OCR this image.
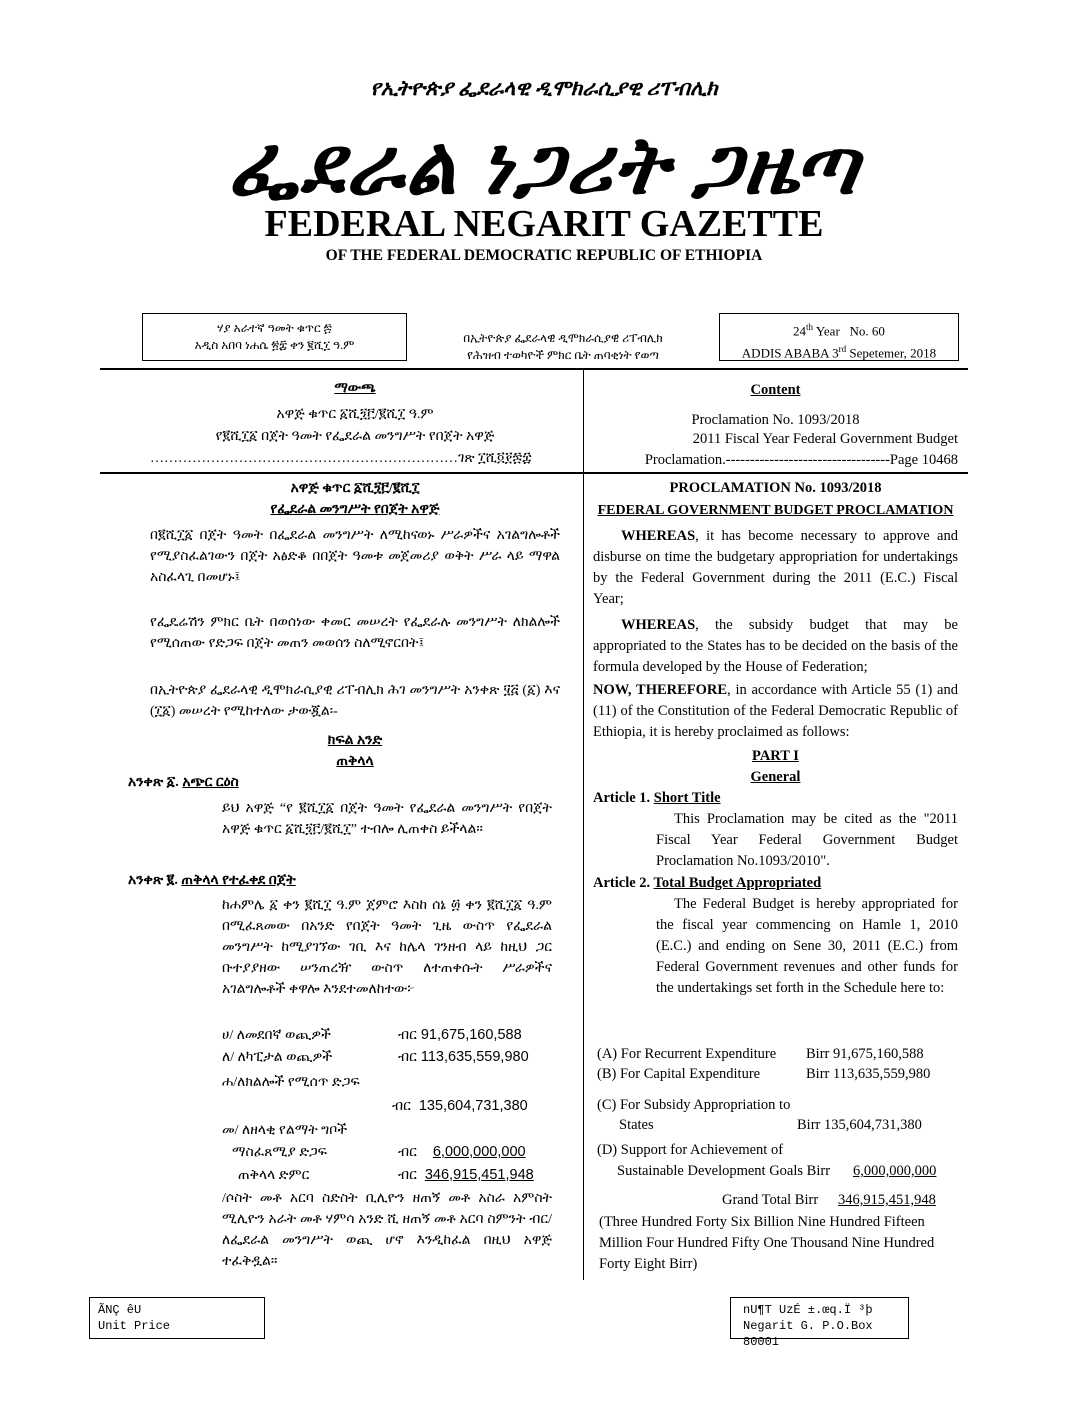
የኢትዮጵያ ፌደራላዊ ዲሞክራሲያዊ ሪፐብሊክ
ፌደራል ነጋሪት ጋዜጣ
FEDERAL NEGARIT GAZETTE
OF THE FEDERAL DEMOCRATIC REPUBLIC OF ETHIOPIA
ሃያ አራተኛ ዓመት ቁጥር ፷
አዲስ አበባ ነሐሴ ፳፰ ቀን ፪ሺ፲ ዓ.ም	በኢትዮጵያ ፌደራላዊ ዲሞክራሲያዊ ሪፐብሊክ
የሕዝብ ተወካዮች ምክር ቤት ጠባቂነት የወጣ
24th Year   No. 60
ADDIS ABABA 3rd Sepetemer, 2018
ማውጫ
አዋጅ ቁጥር ፩ሺ፺፫/፪ሺ፲ ዓ.ም
የ፪ሺ፲፩ በጀት ዓመት የፌደራል መንግሥት የበጀት አዋጅ
…………………………………………………………ገጽ ፲ሺ፬፻፷፰
Content
Proclamation No. 1093/2018
2011 Fiscal Year Federal Government Budget
Proclamation.----------------------------------Page 10468
አዋጅ ቁጥር ፩ሺ፺፫/፪ሺ፲
የፌደራል መንግሥት የበጀት አዋጅ
በ፪ሺ፲፩ በጀት ዓመት በፌደራል መንግሥት ለሚከናወኑ ሥራዎችና አገልግሎቶች የሚያስፈልገውን በጀት አፅድቆ በበጀት ዓመቱ መጀመሪያ ወቅት ሥራ ላይ ማዋል አስፈላጊ በመሆኑ፤
የፌዴሬሽን ምክር ቤት በወሰነው ቀመር መሠረት የፌደራሉ መንግሥት ለክልሎች የሚሰጠው የድጋፍ በጀት መጠን መወሰን ስለሚኖርበት፤
በኢትዮጵያ ፌደራላዊ ዲሞክራሲያዊ ሪፐብሊክ ሕገ መንግሥት አንቀጽ ፶፭ (፩) እና (፲፩) መሠረት የሚከተለው ታውጇል፡-
ክፍል አንድ
ጠቅላላ
አንቀጽ ፩. አጭር ርዕስ
ይህ አዋጅ “የ ፪ሺ፲፩ በጀት ዓመት የፌደራል መንግሥት የበጀት አዋጅ ቁጥር ፩ሺ፺፫/፪ሺ፲” ተብሎ ሊጠቀስ ይችላል።
አንቀጽ ፪. ጠቅላላ የተፈቀደ በጀት
ከሐምሌ ፩ ቀን ፪ሺ፲ ዓ.ም ጀምሮ እስከ ሰኔ ፴ ቀን ፪ሺ፲፩ ዓ.ም በሚፈጸመው በአንድ የበጀት ዓመት ጊዜ ውስጥ የፌደራል መንግሥት ከሚያገኘው ገቢ እና ከሌላ ገንዘብ ላይ ከዚህ ጋር ቡተያያዘው ሠንጠረዥ ውስጥ ለተጠቀሱት ሥራዎችና አገልግሎቶች ቀዋሎ እንደተመለከተው፦
ሀ/ ለመደበኛ ወጪዎች	ብር 91,675,160,588
ለ/ ለካፒታል ወጪዎች	ብር 113,635,559,980
ሐ/ለክልሎች የሚሰጥ ድጋፍ
ብር 135,604,731,380
መ/ ለዘላቂ የልማት ግቦች
ማስፈጸሚያ ድጋፍ	ብር 6,000,000,000
ጠቅላላ ድምር	ብር 346,915,451,948
/ሶስት መቶ አርባ ስድስት ቢሊዮን ዘጠኝ መቶ አስራ አምስት ሚሊዮን አራት መቶ ሃምሳ አንድ ሺ ዘጠኝ መቶ አርባ ስምንት ብር/ ለፌደራል መንግሥት ወጪ ሆኖ እንዲከፈል በዚህ አዋጅ ተፈቅዷል።
PROCLAMATION No. 1093/2018
FEDERAL GOVERNMENT BUDGET PROCLAMATION
WHEREAS, it has become necessary to approve and disburse on time the budgetary appropriation for undertakings by the Federal Government during the 2011 (E.C.) Fiscal Year;
WHEREAS, the subsidy budget that may be appropriated to the States has to be decided on the basis of the formula developed by the House of Federation;
NOW, THEREFORE, in accordance with Article 55 (1) and (11) of the Constitution of the Federal Democratic Republic of Ethiopia, it is hereby proclaimed as follows:
PART I
General
Article 1. Short Title
This Proclamation may be cited as the "2011 Fiscal Year Federal Government Budget Proclamation No.1093/2010".
Article 2. Total Budget Appropriated
The Federal Budget is hereby appropriated for the fiscal year commencing on Hamle 1, 2010 (E.C.) and ending on Sene 30, 2011 (E.C.) from Federal Government revenues and other funds for the undertakings set forth in the Schedule here to:
(A) For Recurrent Expenditure Birr 91,675,160,588
(B) For Capital Expenditure	Birr 113,635,559,980
(C) For Subsidy Appropriation to
States	Birr 135,604,731,380
(D) Support for Achievement of
Sustainable Development Goals Birr 6,000,000,000
Grand Total Birr 346,915,451,948
(Three Hundred Forty Six Billion Nine Hundred Fifteen Million Four Hundred Fifty One Thousand Nine Hundred Forty Eight Birr)
ÃNÇ êU
Unit Price
nU¶T UzÉ ±.œq.Ï ³þ
Negarit G. P.O.Box 80001
